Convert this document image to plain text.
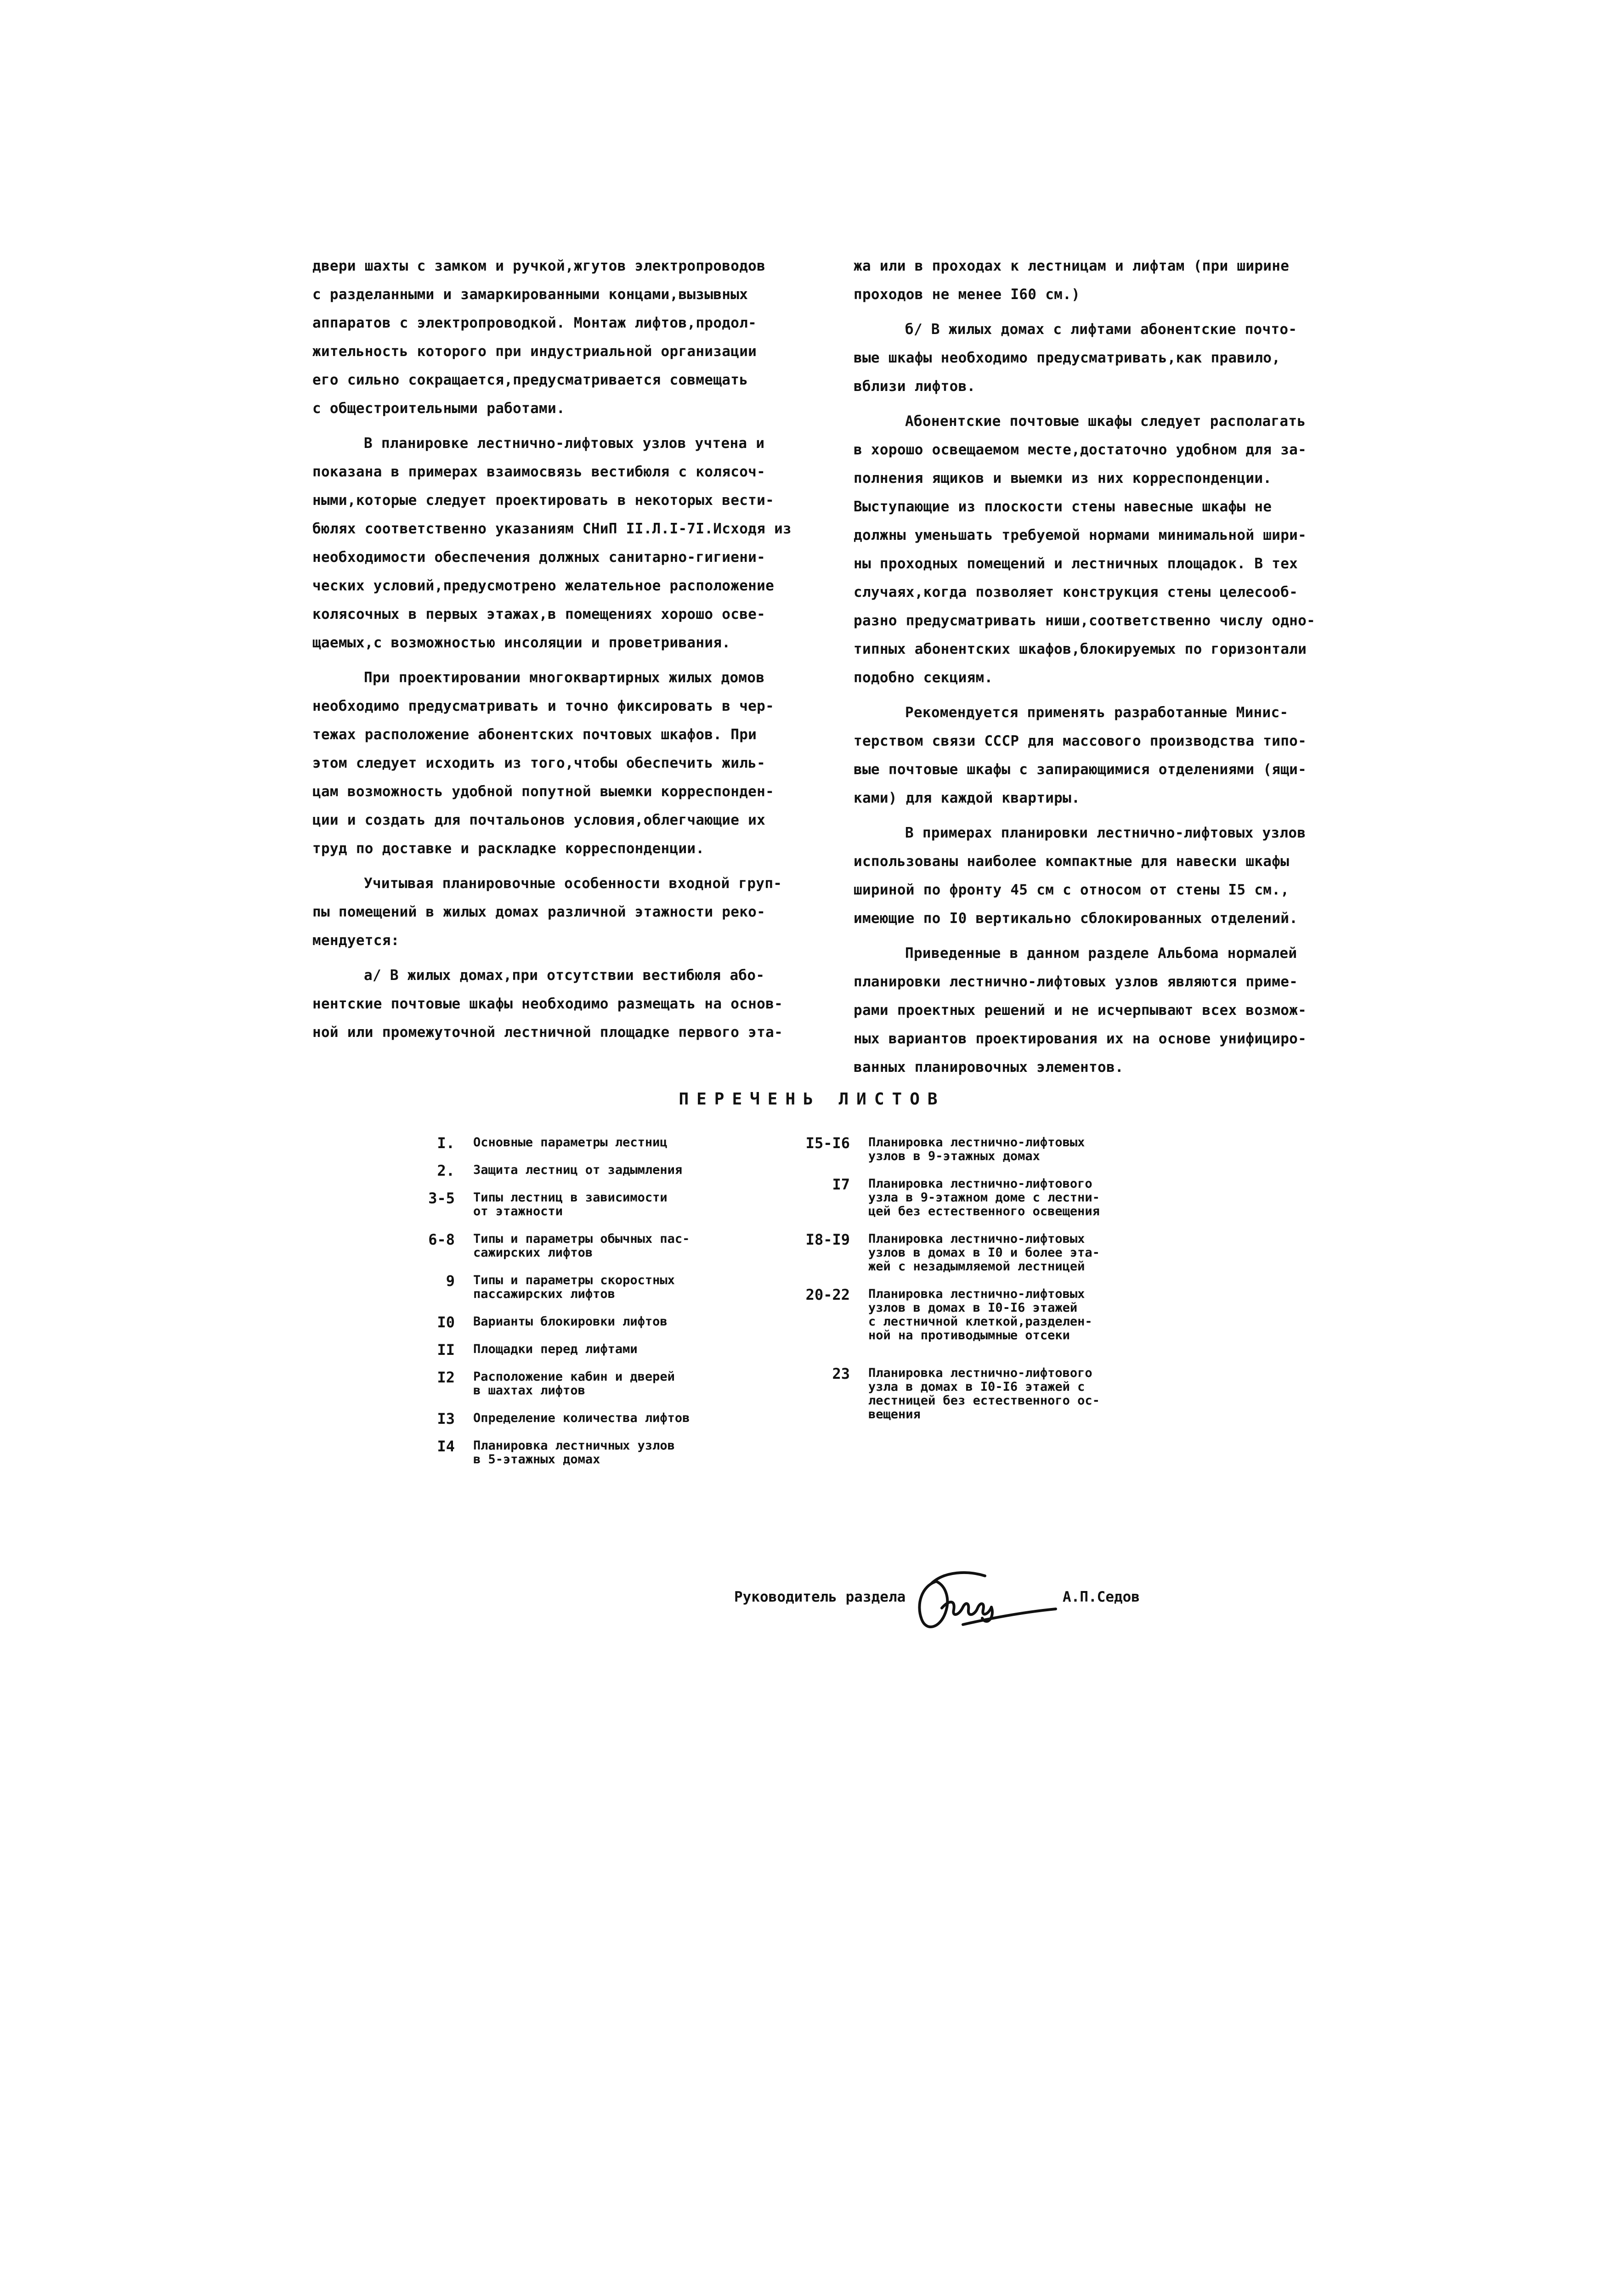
двери шахты с замком и ручкой,жгутов электропроводов
с разделанными и замаркированными концами,вызывных
аппаратов с электропроводкой. Монтаж лифтов,продол-
жительность которого при индустриальной организации
его сильно сокращается,предусматривается совмещать
с общестроительными работами.
В планировке лестнично-лифтовых узлов учтена и
показана в примерах взаимосвязь вестибюля с колясоч-
ными,которые следует проектировать в некоторых вести-
бюлях соответственно указаниям СНиП II.Л.I-7I.Исходя из
необходимости обеспечения должных санитарно-гигиени-
ческих условий,предусмотрено желательное расположение
колясочных в первых этажах,в помещениях хорошо осве-
щаемых,с возможностью инсоляции и проветривания.
При проектировании многоквартирных жилых домов
необходимо предусматривать и точно фиксировать в чер-
тежах расположение абонентских почтовых шкафов. При
этом следует исходить из того,чтобы обеспечить жиль-
цам возможность удобной попутной выемки корреспонден-
ции и создать для почтальонов условия,облегчающие их
труд по доставке и раскладке корреспонденции.
Учитывая планировочные особенности входной груп-
пы помещений в жилых домах различной этажности реко-
мендуется:
а/ В жилых домах,при отсутствии вестибюля або-
нентские почтовые шкафы необходимо размещать на основ-
ной или промежуточной лестничной площадке первого эта-
жа или в проходах к лестницам и лифтам (при ширине
проходов не менее I60 см.)
б/ В жилых домах с лифтами абонентские почто-
вые шкафы необходимо предусматривать,как правило,
вблизи лифтов.
Абонентские почтовые шкафы следует располагать
в хорошо освещаемом месте,достаточно удобном для за-
полнения ящиков и выемки из них корреспонденции.
Выступающие из плоскости стены навесные шкафы не
должны уменьшать требуемой нормами минимальной шири-
ны проходных помещений и лестничных площадок. В тех
случаях,когда позволяет конструкция стены целесооб-
разно предусматривать ниши,соответственно числу одно-
типных абонентских шкафов,блокируемых по горизонтали
подобно секциям.
Рекомендуется применять разработанные Минис-
терством связи СССР для массового производства типо-
вые почтовые шкафы с запирающимися отделениями (ящи-
ками) для каждой квартиры.
В примерах планировки лестнично-лифтовых узлов
использованы наиболее компактные для навески шкафы
шириной по фронту 45 см с относом от стены I5 см.,
имеющие по I0 вертикально сблокированных отделений.
Приведенные в данном разделе Альбома нормалей
планировки лестнично-лифтовых узлов являются приме-
рами проектных решений и не исчерпывают всех возмож-
ных вариантов проектирования их на основе унифициро-
ванных планировочных элементов.
ПЕРЕЧЕНЬ ЛИСТОВ
I. Основные параметры лестниц
2. Защита лестниц от задымления
3-5 Типы лестниц в зависимости
от этажности
6-8 Типы и параметры обычных пас-
сажирских лифтов
9 Типы и параметры скоростных
пассажирских лифтов
I0 Варианты блокировки лифтов
II Площадки перед лифтами
I2 Расположение кабин и дверей
в шахтах лифтов
I3 Определение количества лифтов
I4 Планировка лестничных узлов
в 5-этажных домах
I5-I6 Планировка лестнично-лифтовых
узлов в 9-этажных домах
I7 Планировка лестнично-лифтового
узла в 9-этажном доме с лестни-
цей без естественного освещения
I8-I9 Планировка лестнично-лифтовых
узлов в домах в I0 и более эта-
жей с незадымляемой лестницей
20-22 Планировка лестнично-лифтовых
узлов в домах в I0-I6 этажей
с лестничной клеткой,разделен-
ной на противодымные отсеки
23 Планировка лестнично-лифтового
узла в домах в I0-I6 этажей с
лестницей без естественного ос-
вещения
Руководитель раздела	А.П.Седов
